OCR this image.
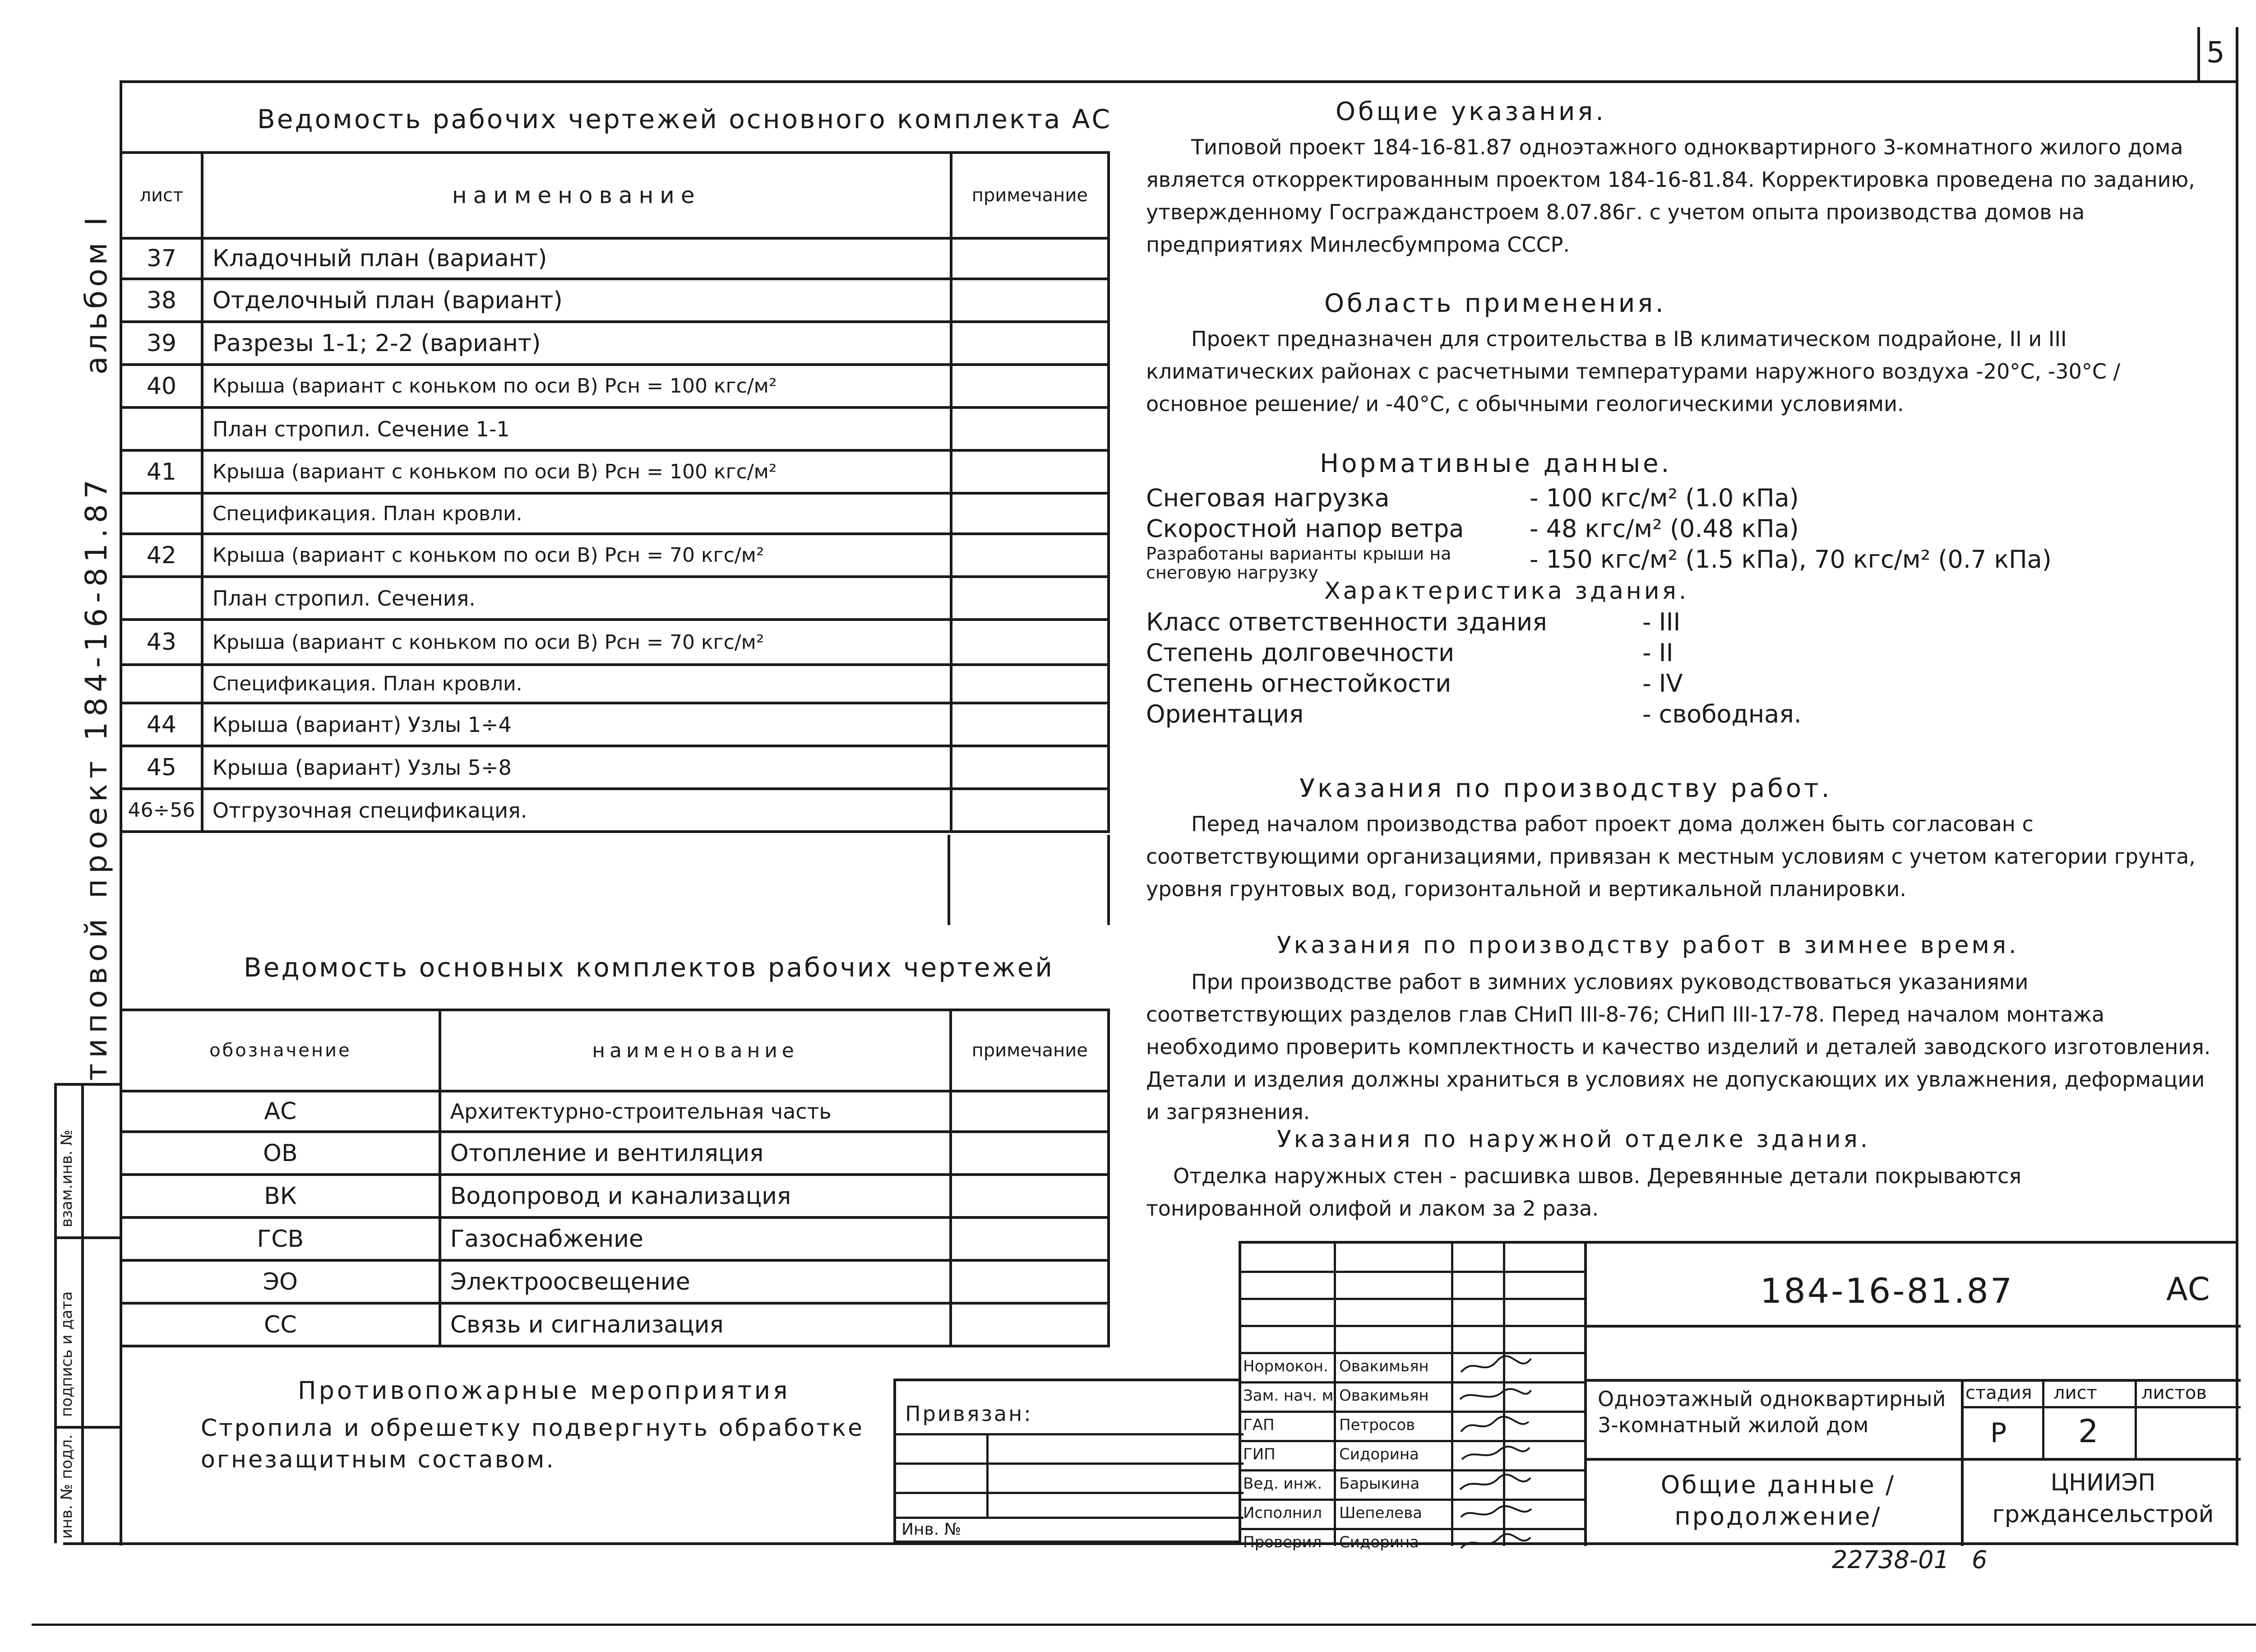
5
альбом I
типовой проект 184-16-81.87
инв. № подл.
подпись и дата
взам.инв. №
Ведомость рабочих чертежей основного комплекта АС
лист	наименование	примечание
37	Кладочный план (вариант)	
38	Отделочный план (вариант)	
39	Разрезы 1-1; 2-2 (вариант)	
40	Крыша (вариант с коньком по оси В) Pсн = 100 кгс/м²	
	План стропил. Сечение 1-1	
41	Крыша (вариант с коньком по оси В) Pсн = 100 кгс/м²	
	Спецификация. План кровли.	
42	Крыша (вариант с коньком по оси В) Pсн = 70 кгс/м²	
	План стропил. Сечения.	
43	Крыша (вариант с коньком по оси В) Pсн = 70 кгс/м²	
	Спецификация. План кровли.	
44	Крыша (вариант) Узлы 1÷4	
45	Крыша (вариант) Узлы 5÷8	
46÷56	Отгрузочная спецификация.	
Ведомость основных комплектов рабочих чертежей
обозначение	наименование	примечание
АС	Архитектурно-строительная часть	
ОВ	Отопление и вентиляция	
ВК	Водопровод и канализация	
ГСВ	Газоснабжение	
ЭО	Электроосвещение	
СС	Связь и сигнализация	
Противопожарные мероприятия
Стропила и обрешетку подвергнуть обработке огнезащитным составом.
Общие указания.
Типовой проект 184-16-81.87 одноэтажного одноквартирного 3-комнатного жилого дома является откорректированным проектом 184-16-81.84. Корректировка проведена по заданию, утвержденному Госгражданстроем 8.07.86г. с учетом опыта производства домов на предприятиях Минлесбумпрома СССР.
Область применения.
Проект предназначен для строительства в IВ климатическом подрайоне, II и III климатических районах с расчетными температурами наружного воздуха -20°С, -30°С /основное решение/ и -40°С, с обычными геологическими условиями.
Нормативные данные.
Снеговая нагрузка	- 100 кгс/м² (1.0 кПа)
Скоростной напор ветра	- 48 кгс/м² (0.48 кПа)
Разработаны варианты крыши на снеговую нагрузку	- 150 кгс/м² (1.5 кПа), 70 кгс/м² (0.7 кПа)
Характеристика здания.
Класс ответственности здания	- III
Степень долговечности	- II
Степень огнестойкости	- IV
Ориентация	- свободная.
Указания по производству работ.
Перед началом производства работ проект дома должен быть согласован с соответствующими организациями, привязан к местным условиям с учетом категории грунта, уровня грунтовых вод, горизонтальной и вертикальной планировки.
Указания по производству работ в зимнее время.
При производстве работ в зимних условиях руководствоваться указаниями соответствующих разделов глав СНиП III-8-76; СНиП III-17-78. Перед началом монтажа необходимо проверить комплектность и качество изделий и деталей заводского изготовления. Детали и изделия должны храниться в условиях не допускающих их увлажнения, деформации и загрязнения.
Указания по наружной отделке здания.
Отделка наружных стен - расшивка швов. Деревянные детали покрываются тонированной олифой и лаком за 2 раза.
Привязан:
Инв. №
Нормокон. Овакимьян
Зам. нач. м Овакимьян
ГАП	Петросов
ГИП	Сидорина
Вед. инж.	Барыкина
Исполнил	Шепелева
Проверил	Сидорина
184-16-81.87	АС
Одноэтажный одноквартирный 3-комнатный жилой дом
стадия лист листов
Р 2
Общие данные /продолжение/
ЦНИИЭП грждансельстрой
22738-01 6
